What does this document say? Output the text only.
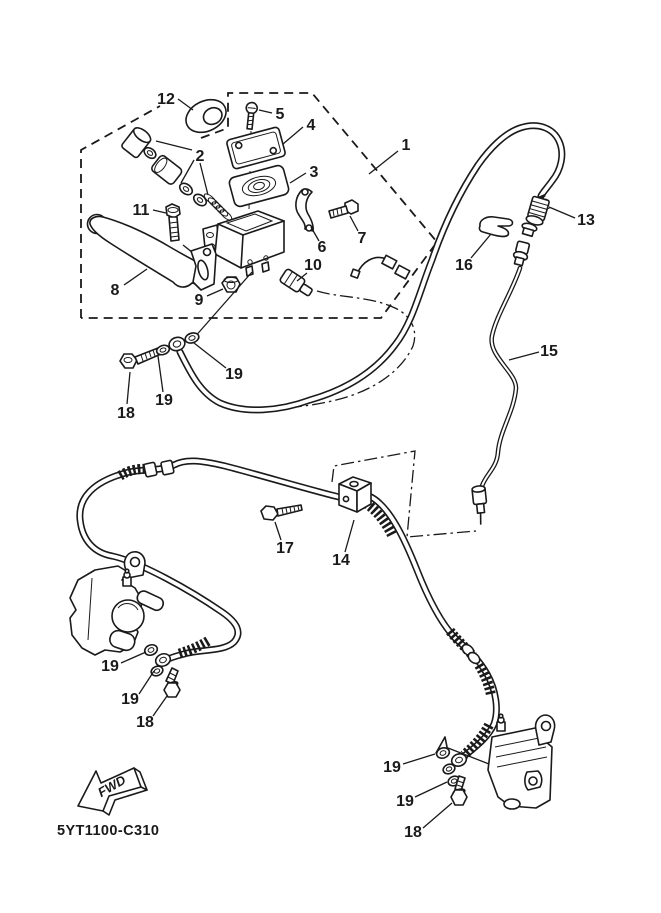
FWD
5YT1100-C310
12
5
4
2
3
1
11
6
7
8
10
9
16
13
15
19
19
18
17
14
19
19
18
19
19
18
